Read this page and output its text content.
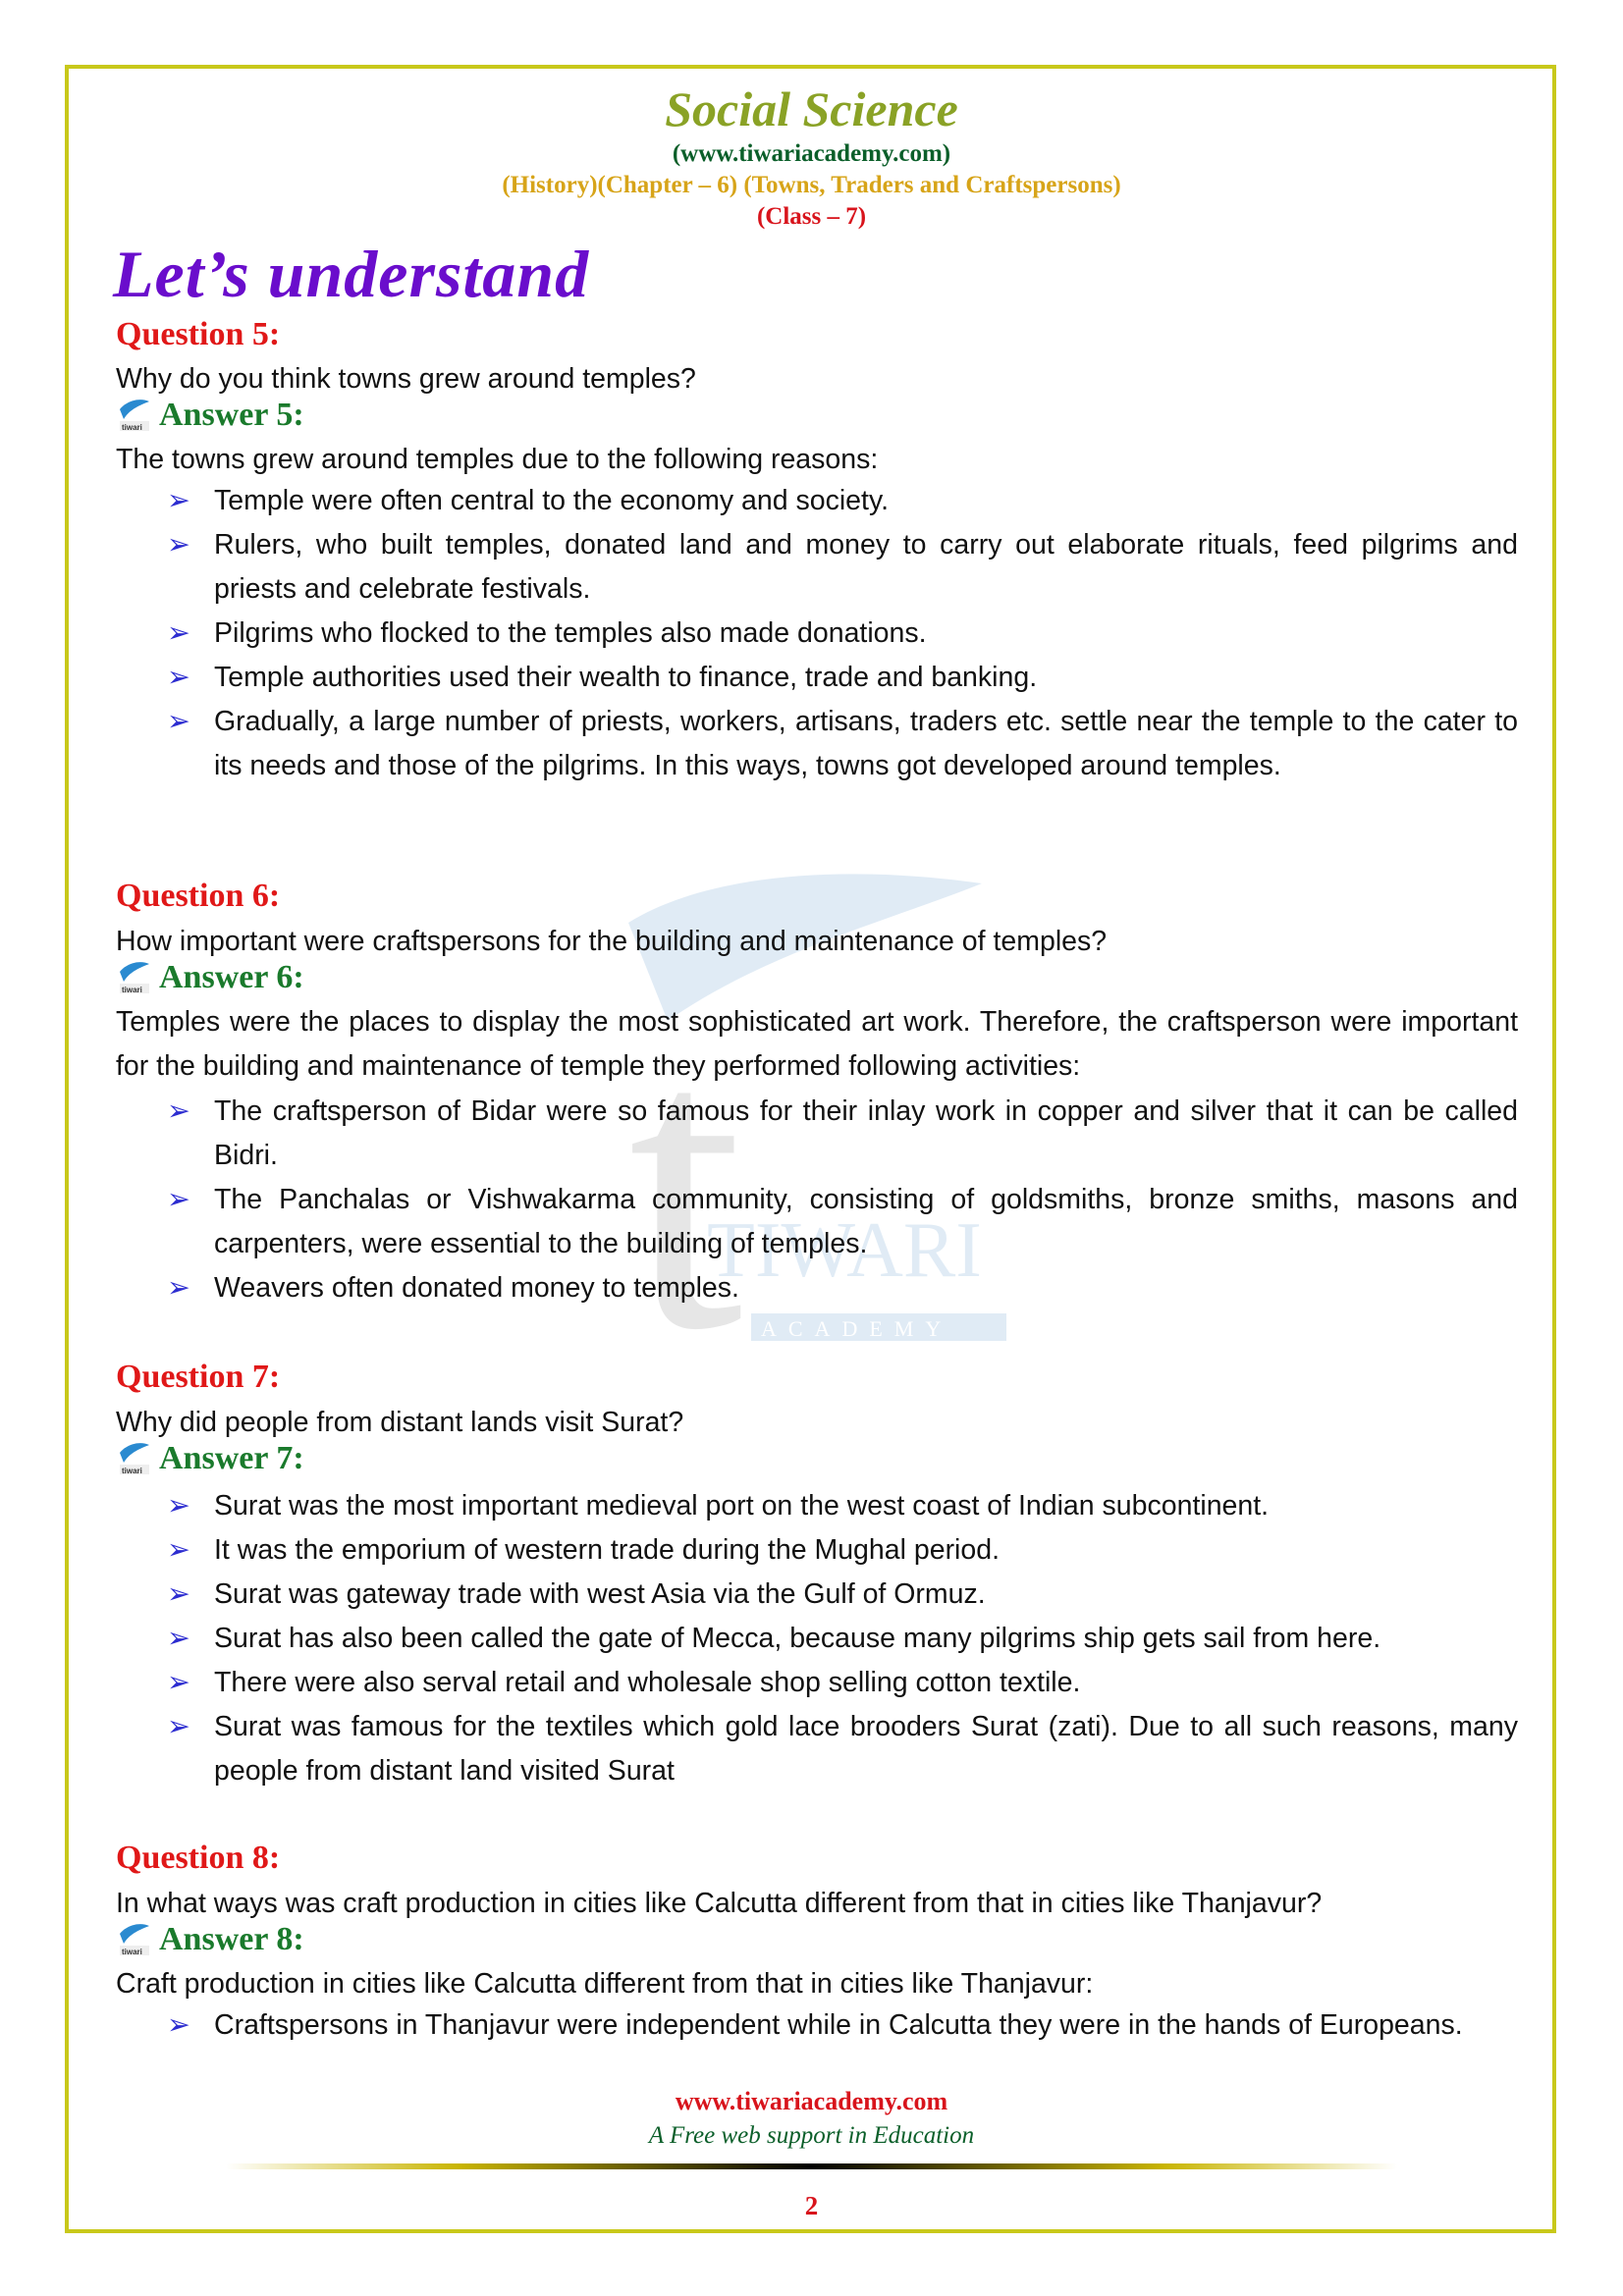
t
TIWARI
ACADEMY
Social Science
(www.tiwariacademy.com)
(History)(Chapter – 6) (Towns, Traders and Craftspersons)
(Class – 7)
Let’s understand
Question 5:
Why do you think towns grew around temples?
tiwari Answer 5:
The towns grew around temples due to the following reasons:
➢ Temple were often central to the economy and society.
➢ Rulers, who built temples, donated land and money to carry out elaborate rituals, feed pilgrims and priests and celebrate festivals.
➢ Pilgrims who flocked to the temples also made donations.
➢ Temple authorities used their wealth to finance, trade and banking.
➢ Gradually, a large number of priests, workers, artisans, traders etc. settle near the temple to the cater to its needs and those of the pilgrims. In this ways, towns got developed around temples.
Question 6:
How important were craftspersons for the building and maintenance of temples?
tiwari Answer 6:
Temples were the places to display the most sophisticated art work. Therefore, the craftsperson were important for the building and maintenance of temple they performed following activities:
➢ The craftsperson of Bidar were so famous for their inlay work in copper and silver that it can be called Bidri.
➢ The Panchalas or Vishwakarma community, consisting of goldsmiths, bronze smiths, masons and carpenters, were essential to the building of temples.
➢ Weavers often donated money to temples.
Question 7:
Why did people from distant lands visit Surat?
tiwari Answer 7:
➢ Surat was the most important medieval port on the west coast of Indian subcontinent.
➢ It was the emporium of western trade during the Mughal period.
➢ Surat was gateway trade with west Asia via the Gulf of Ormuz.
➢ Surat has also been called the gate of Mecca, because many pilgrims ship gets sail from here.
➢ There were also serval retail and wholesale shop selling cotton textile.
➢ Surat was famous for the textiles which gold lace brooders Surat (zati). Due to all such reasons, many people from distant land visited Surat
Question 8:
In what ways was craft production in cities like Calcutta different from that in cities like Thanjavur?
tiwari Answer 8:
Craft production in cities like Calcutta different from that in cities like Thanjavur:
➢ Craftspersons in Thanjavur were independent while in Calcutta they were in the hands of Europeans.
www.tiwariacademy.com
A Free web support in Education
2
